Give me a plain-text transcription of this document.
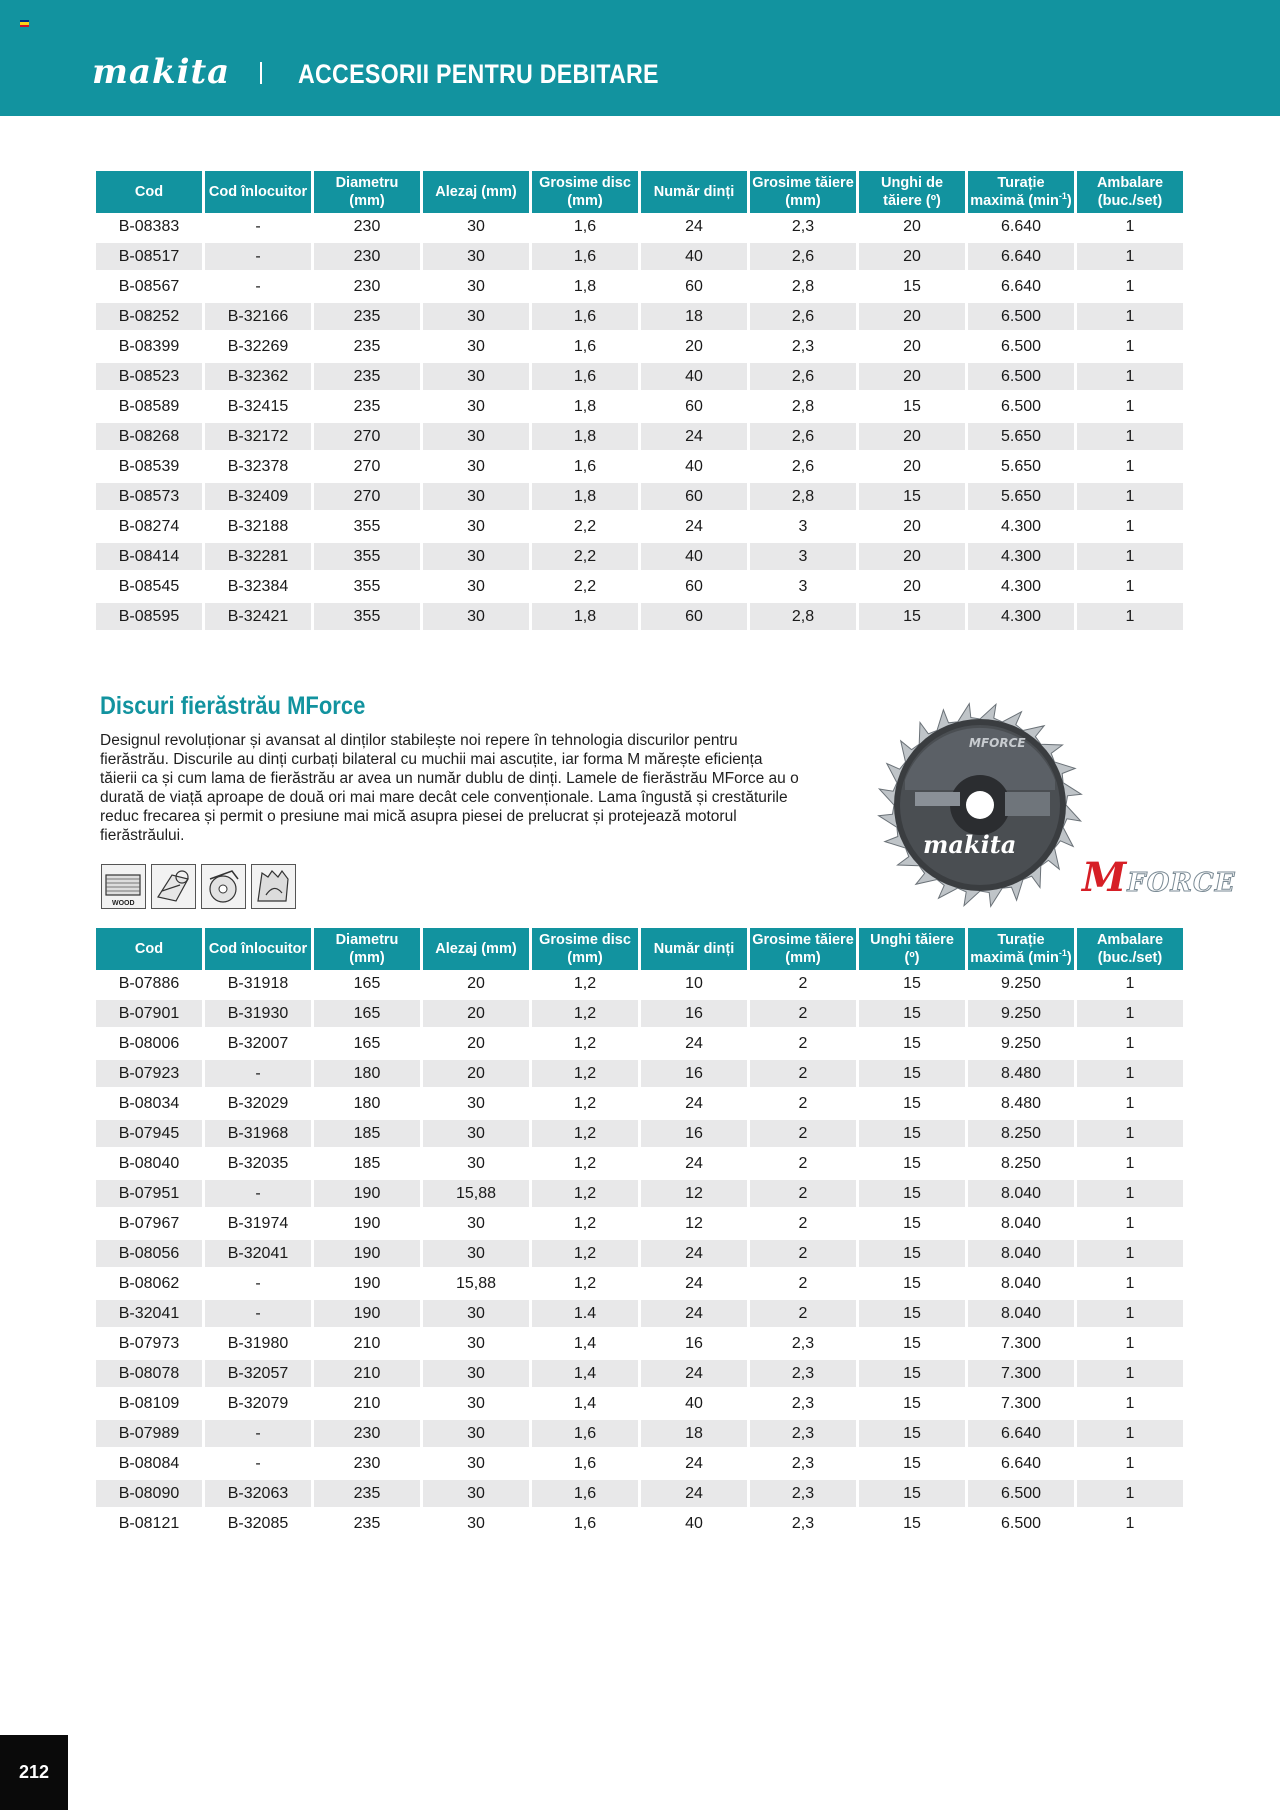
makita	ACCESORII PENTRU DEBITARE
Cod	Cod înlocuitor	Diametru (mm)	Alezaj (mm)	Grosime disc (mm)	Număr dinți	Grosime tăiere (mm)	Unghi de tăiere (º)	Turație maximă $(\min^{-1})$	Ambalare (buc./set)
B-08383	-	230	30	1,6	24	2,3	20	6.640	1
B-08517	-	230	30	1,6	40	2,6	20	6.640	1
B-08567	-	230	30	1,8	60	2,8	15	6.640	1
B-08252	B-32166	235	30	1,6	18	2,6	20	6.500	1
B-08399	B-32269	235	30	1,6	20	2,3	20	6.500	1
B-08523	B-32362	235	30	1,6	40	2,6	20	6.500	1
B-08589	B-32415	235	30	1,8	60	2,8	15	6.500	1
B-08268	B-32172	270	30	1,8	24	2,6	20	5.650	1
B-08539	B-32378	270	30	1,6	40	2,6	20	5.650	1
B-08573	B-32409	270	30	1,8	60	2,8	15	5.650	1
B-08274	B-32188	355	30	2,2	24	3	20	4.300	1
B-08414	B-32281	355	30	2,2	40	3	20	4.300	1
B-08545	B-32384	355	30	2,2	60	3	20	4.300	1
B-08595	B-32421	355	30	1,8	60	2,8	15	4.300	1
Discuri fierăstrău MForce
Designul revoluționar și avansat al dinților stabilește noi repere în tehnologia discurilor pentru fierăstrău. Discurile au dinți curbați bilateral cu muchii mai ascuțite, iar forma M mărește eficiența tăierii ca și cum lama de fierăstrău ar avea un număr dublu de dinți. Lamele de fierăstrău MForce au o durată de viață aproape de două ori mai mare decât cele convenționale. Lama îngustă și crestăturile reduc frecarea și permit o presiune mai mică asupra piesei de prelucrat și protejează motorul fierăstrăului.
WOOD
makita
MFORCE
MFORCE
Cod	Cod înlocuitor	Diametru (mm)	Alezaj (mm)	Grosime disc (mm)	Număr dinți	Grosime tăiere (mm)	Unghi tăiere (º)	Turație maximă $(\min^{-1})$	Ambalare (buc./set)
B-07886	B-31918	165	20	1,2	10	2	15	9.250	1
B-07901	B-31930	165	20	1,2	16	2	15	9.250	1
B-08006	B-32007	165	20	1,2	24	2	15	9.250	1
B-07923	-	180	20	1,2	16	2	15	8.480	1
B-08034	B-32029	180	30	1,2	24	2	15	8.480	1
B-07945	B-31968	185	30	1,2	16	2	15	8.250	1
B-08040	B-32035	185	30	1,2	24	2	15	8.250	1
B-07951	-	190	15,88	1,2	12	2	15	8.040	1
B-07967	B-31974	190	30	1,2	12	2	15	8.040	1
B-08056	B-32041	190	30	1,2	24	2	15	8.040	1
B-08062	-	190	15,88	1,2	24	2	15	8.040	1
B-32041	-	190	30	1.4	24	2	15	8.040	1
B-07973	B-31980	210	30	1,4	16	2,3	15	7.300	1
B-08078	B-32057	210	30	1,4	24	2,3	15	7.300	1
B-08109	B-32079	210	30	1,4	40	2,3	15	7.300	1
B-07989	-	230	30	1,6	18	2,3	15	6.640	1
B-08084	-	230	30	1,6	24	2,3	15	6.640	1
B-08090	B-32063	235	30	1,6	24	2,3	15	6.500	1
B-08121	B-32085	235	30	1,6	40	2,3	15	6.500	1
212
